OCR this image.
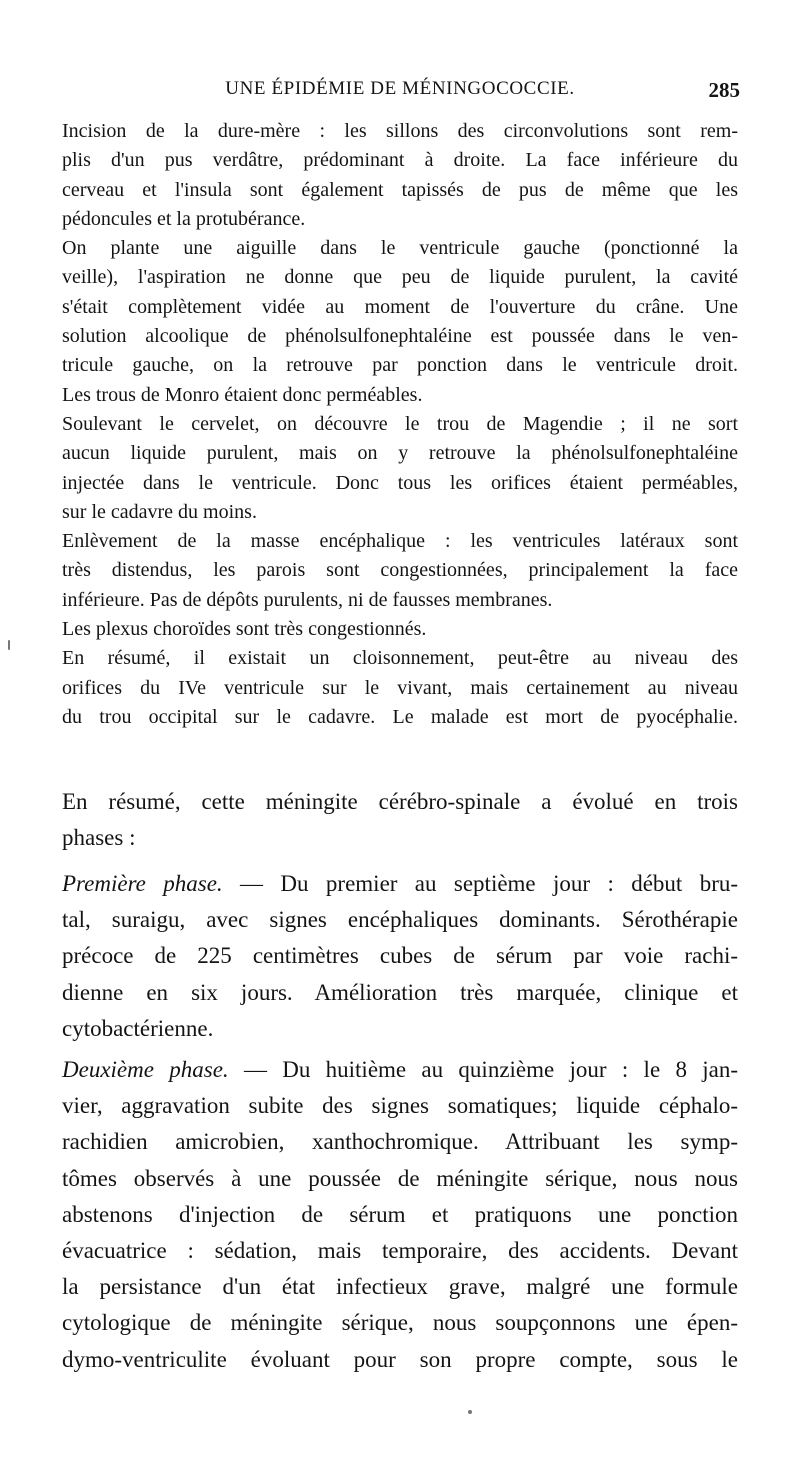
UNE ÉPIDÉMIE DE MÉNINGOCOCCIE.	285
Incision de la dure-mère : les sillons des circonvolutions sont rem-
plis d'un pus verdâtre, prédominant à droite. La face inférieure du
cerveau et l'insula sont également tapissés de pus de même que les
pédoncules et la protubérance.
On plante une aiguille dans le ventricule gauche (ponctionné la
veille), l'aspiration ne donne que peu de liquide purulent, la cavité
s'était complètement vidée au moment de l'ouverture du crâne. Une
solution alcoolique de phénolsulfonephtaléine est poussée dans le ven-
tricule gauche, on la retrouve par ponction dans le ventricule droit.
Les trous de Monro étaient donc perméables.
Soulevant le cervelet, on découvre le trou de Magendie ; il ne sort
aucun liquide purulent, mais on y retrouve la phénolsulfonephtaléine
injectée dans le ventricule. Donc tous les orifices étaient perméables,
sur le cadavre du moins.
Enlèvement de la masse encéphalique : les ventricules latéraux sont
très distendus, les parois sont congestionnées, principalement la face
inférieure. Pas de dépôts purulents, ni de fausses membranes.
Les plexus choroïdes sont très congestionnés.
En résumé, il existait un cloisonnement, peut-être au niveau des
orifices du IVe ventricule sur le vivant, mais certainement au niveau
du trou occipital sur le cadavre. Le malade est mort de pyocéphalie.
En résumé, cette méningite cérébro-spinale a évolué en trois
phases :
Première phase. — Du premier au septième jour : début bru-
tal, suraigu, avec signes encéphaliques dominants. Sérothérapie
précoce de 225 centimètres cubes de sérum par voie rachi-
dienne en six jours. Amélioration très marquée, clinique et
cytobactérienne.
Deuxième phase. — Du huitième au quinzième jour : le 8 jan-
vier, aggravation subite des signes somatiques; liquide céphalo-
rachidien amicrobien, xanthochromique. Attribuant les symp-
tômes observés à une poussée de méningite sérique, nous nous
abstenons d'injection de sérum et pratiquons une ponction
évacuatrice : sédation, mais temporaire, des accidents. Devant
la persistance d'un état infectieux grave, malgré une formule
cytologique de méningite sérique, nous soupçonnons une épen-
dymo-ventriculite évoluant pour son propre compte, sous le
